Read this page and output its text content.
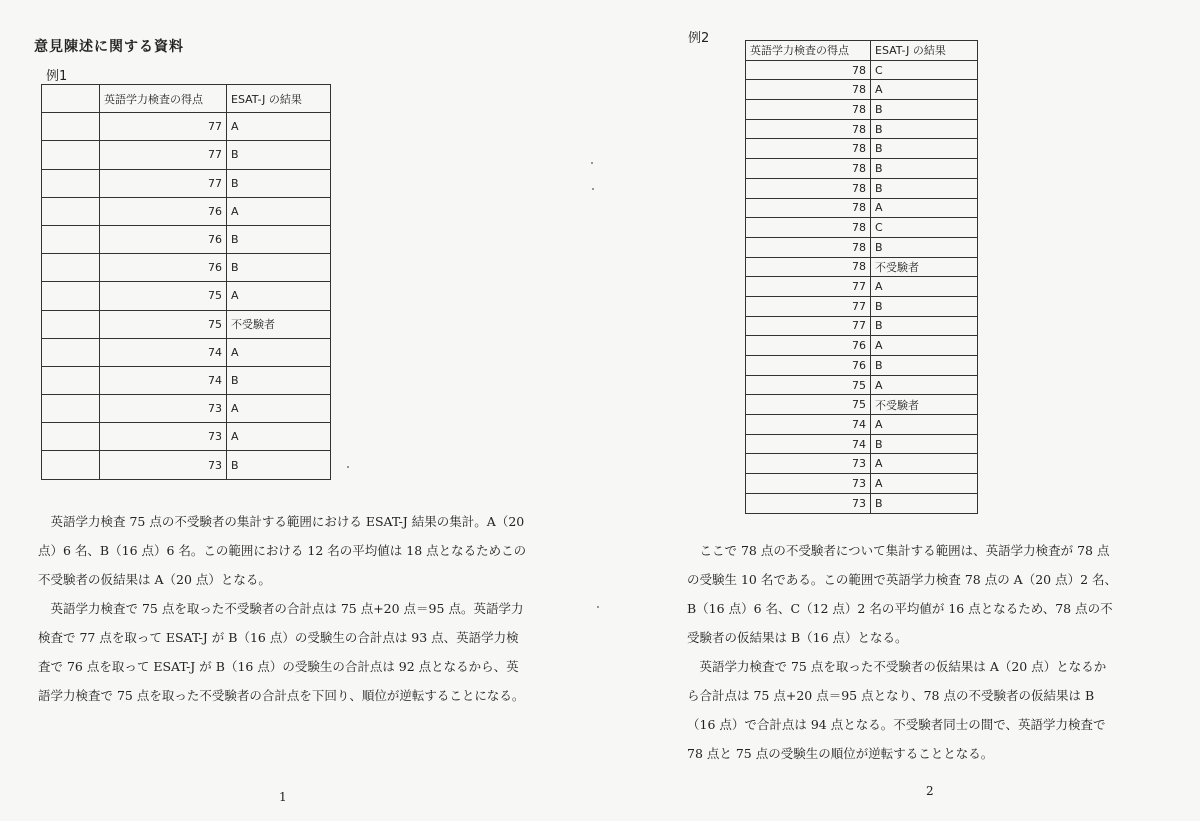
意見陳述に関する資料
例1
	英語学力検査の得点	ESAT-J の結果
	77	A
	77	B
	77	B
	76	A
	76	B
	76	B
	75	A
	75	不受験者
	74	A
	74	B
	73	A
	73	A
	73	B

英語学力検査 75 点の不受験者の集計する範囲における ESAT-J 結果の集計。A（20 点）6 名、B（16 点）6 名。この範囲における 12 名の平均値は 18 点となるためこの不受験者の仮結果は A（20 点）となる。

英語学力検査で 75 点を取った不受験者の合計点は 75 点+20 点＝95 点。英語学力検査で 77 点を取って ESAT-J が B（16 点）の受験生の合計点は 93 点、英語学力検査で 76 点を取って ESAT-J が B（16 点）の受験生の合計点は 92 点となるから、英語学力検査で 75 点を取った不受験者の合計点を下回り、順位が逆転することになる。

1
例2
英語学力検査の得点	ESAT-J の結果
78	C
78	A
78	B
78	B
78	B
78	B
78	B
78	A
78	C
78	B
78	不受験者
77	A
77	B
77	B
76	A
76	B
75	A
75	不受験者
74	A
74	B
73	A
73	A
73	B

ここで 78 点の不受験者について集計する範囲は、英語学力検査が 78 点の受験生 10 名である。この範囲で英語学力検査 78 点の A（20 点）2 名、B（16 点）6 名、C（12 点）2 名の平均値が 16 点となるため、78 点の不受験者の仮結果は B（16 点）となる。

英語学力検査で 75 点を取った不受験者の仮結果は A（20 点）となるから合計点は 75 点+20 点＝95 点となり、78 点の不受験者の仮結果は B（16 点）で合計点は 94 点となる。不受験者同士の間で、英語学力検査で 78 点と 75 点の受験生の順位が逆転することとなる。

2
